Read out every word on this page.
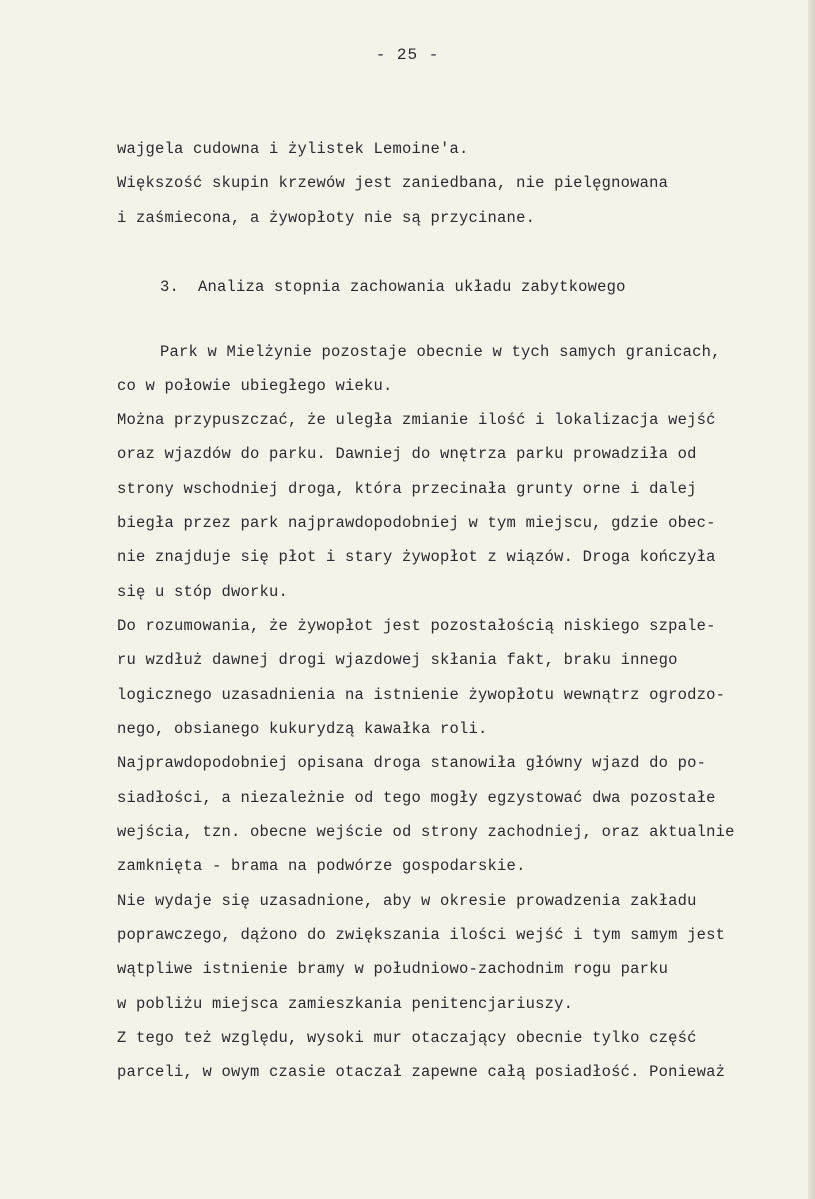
- 25 -
wajgela cudowna i żylistek Lemoine'a.
Większość skupin krzewów jest zaniedbana, nie pielęgnowana
i zaśmiecona, a żywopłoty nie są przycinane.
3.  Analiza stopnia zachowania układu zabytkowego
Park w Mielżynie pozostaje obecnie w tych samych granicach,
co w połowie ubiegłego wieku.
Można przypuszczać, że uległa zmianie ilość i lokalizacja wejść
oraz wjazdów do parku. Dawniej do wnętrza parku prowadziła od
strony wschodniej droga, która przecinała grunty orne i dalej
biegła przez park najprawdopodobniej w tym miejscu, gdzie obec-
nie znajduje się płot i stary żywopłot z wiązów. Droga kończyła
się u stóp dworku.
Do rozumowania, że żywopłot jest pozostałością niskiego szpale-
ru wzdłuż dawnej drogi wjazdowej skłania fakt, braku innego
logicznego uzasadnienia na istnienie żywopłotu wewnątrz ogrodzo-
nego, obsianego kukurydzą kawałka roli.
Najprawdopodobniej opisana droga stanowiła główny wjazd do po-
siadłości, a niezależnie od tego mogły egzystować dwa pozostałe
wejścia, tzn. obecne wejście od strony zachodniej, oraz aktualnie
zamknięta - brama na podwórze gospodarskie.
Nie wydaje się uzasadnione, aby w okresie prowadzenia zakładu
poprawczego, dążono do zwiększania ilości wejść i tym samym jest
wątpliwe istnienie bramy w południowo-zachodnim rogu parku
w pobliżu miejsca zamieszkania penitencjariuszy.
Z tego też względu, wysoki mur otaczający obecnie tylko część
parceli, w owym czasie otaczał zapewne całą posiadłość. Ponieważ
